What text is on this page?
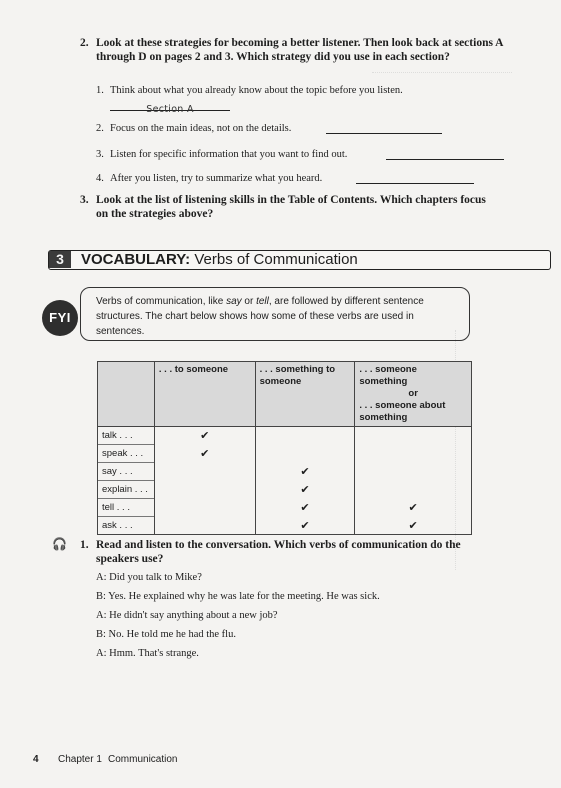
2. Look at these strategies for becoming a better listener. Then look back at sections A through D on pages 2 and 3. Which strategy did you use in each section?
1. Think about what you already know about the topic before you listen.
Section A
2. Focus on the main ideas, not on the details.
3. Listen for specific information that you want to find out.
4. After you listen, try to summarize what you heard.
3. Look at the list of listening skills in the Table of Contents. Which chapters focus on the strategies above?
3	VOCABULARY: Verbs of Communication
Verbs of communication, like say or tell, are followed by different sentence structures. The chart below shows how some of these verbs are used in sentences.
FYI
	. . . to someone	. . . something to someone	. . . someone something
or
. . . someone about something

talk . . .	✔		
speak . . .	✔		
say . . .		✔	
explain . . .		✔	
tell . . .		✔	✔
ask . . .		✔	✔
🎧 1. Read and listen to the conversation. Which verbs of communication do the speakers use?
A: Did you talk to Mike?
B: Yes. He explained why he was late for the meeting. He was sick.
A: He didn't say anything about a new job?
B: No. He told me he had the flu.
A: Hmm. That's strange.
4 Chapter 1 Communication
